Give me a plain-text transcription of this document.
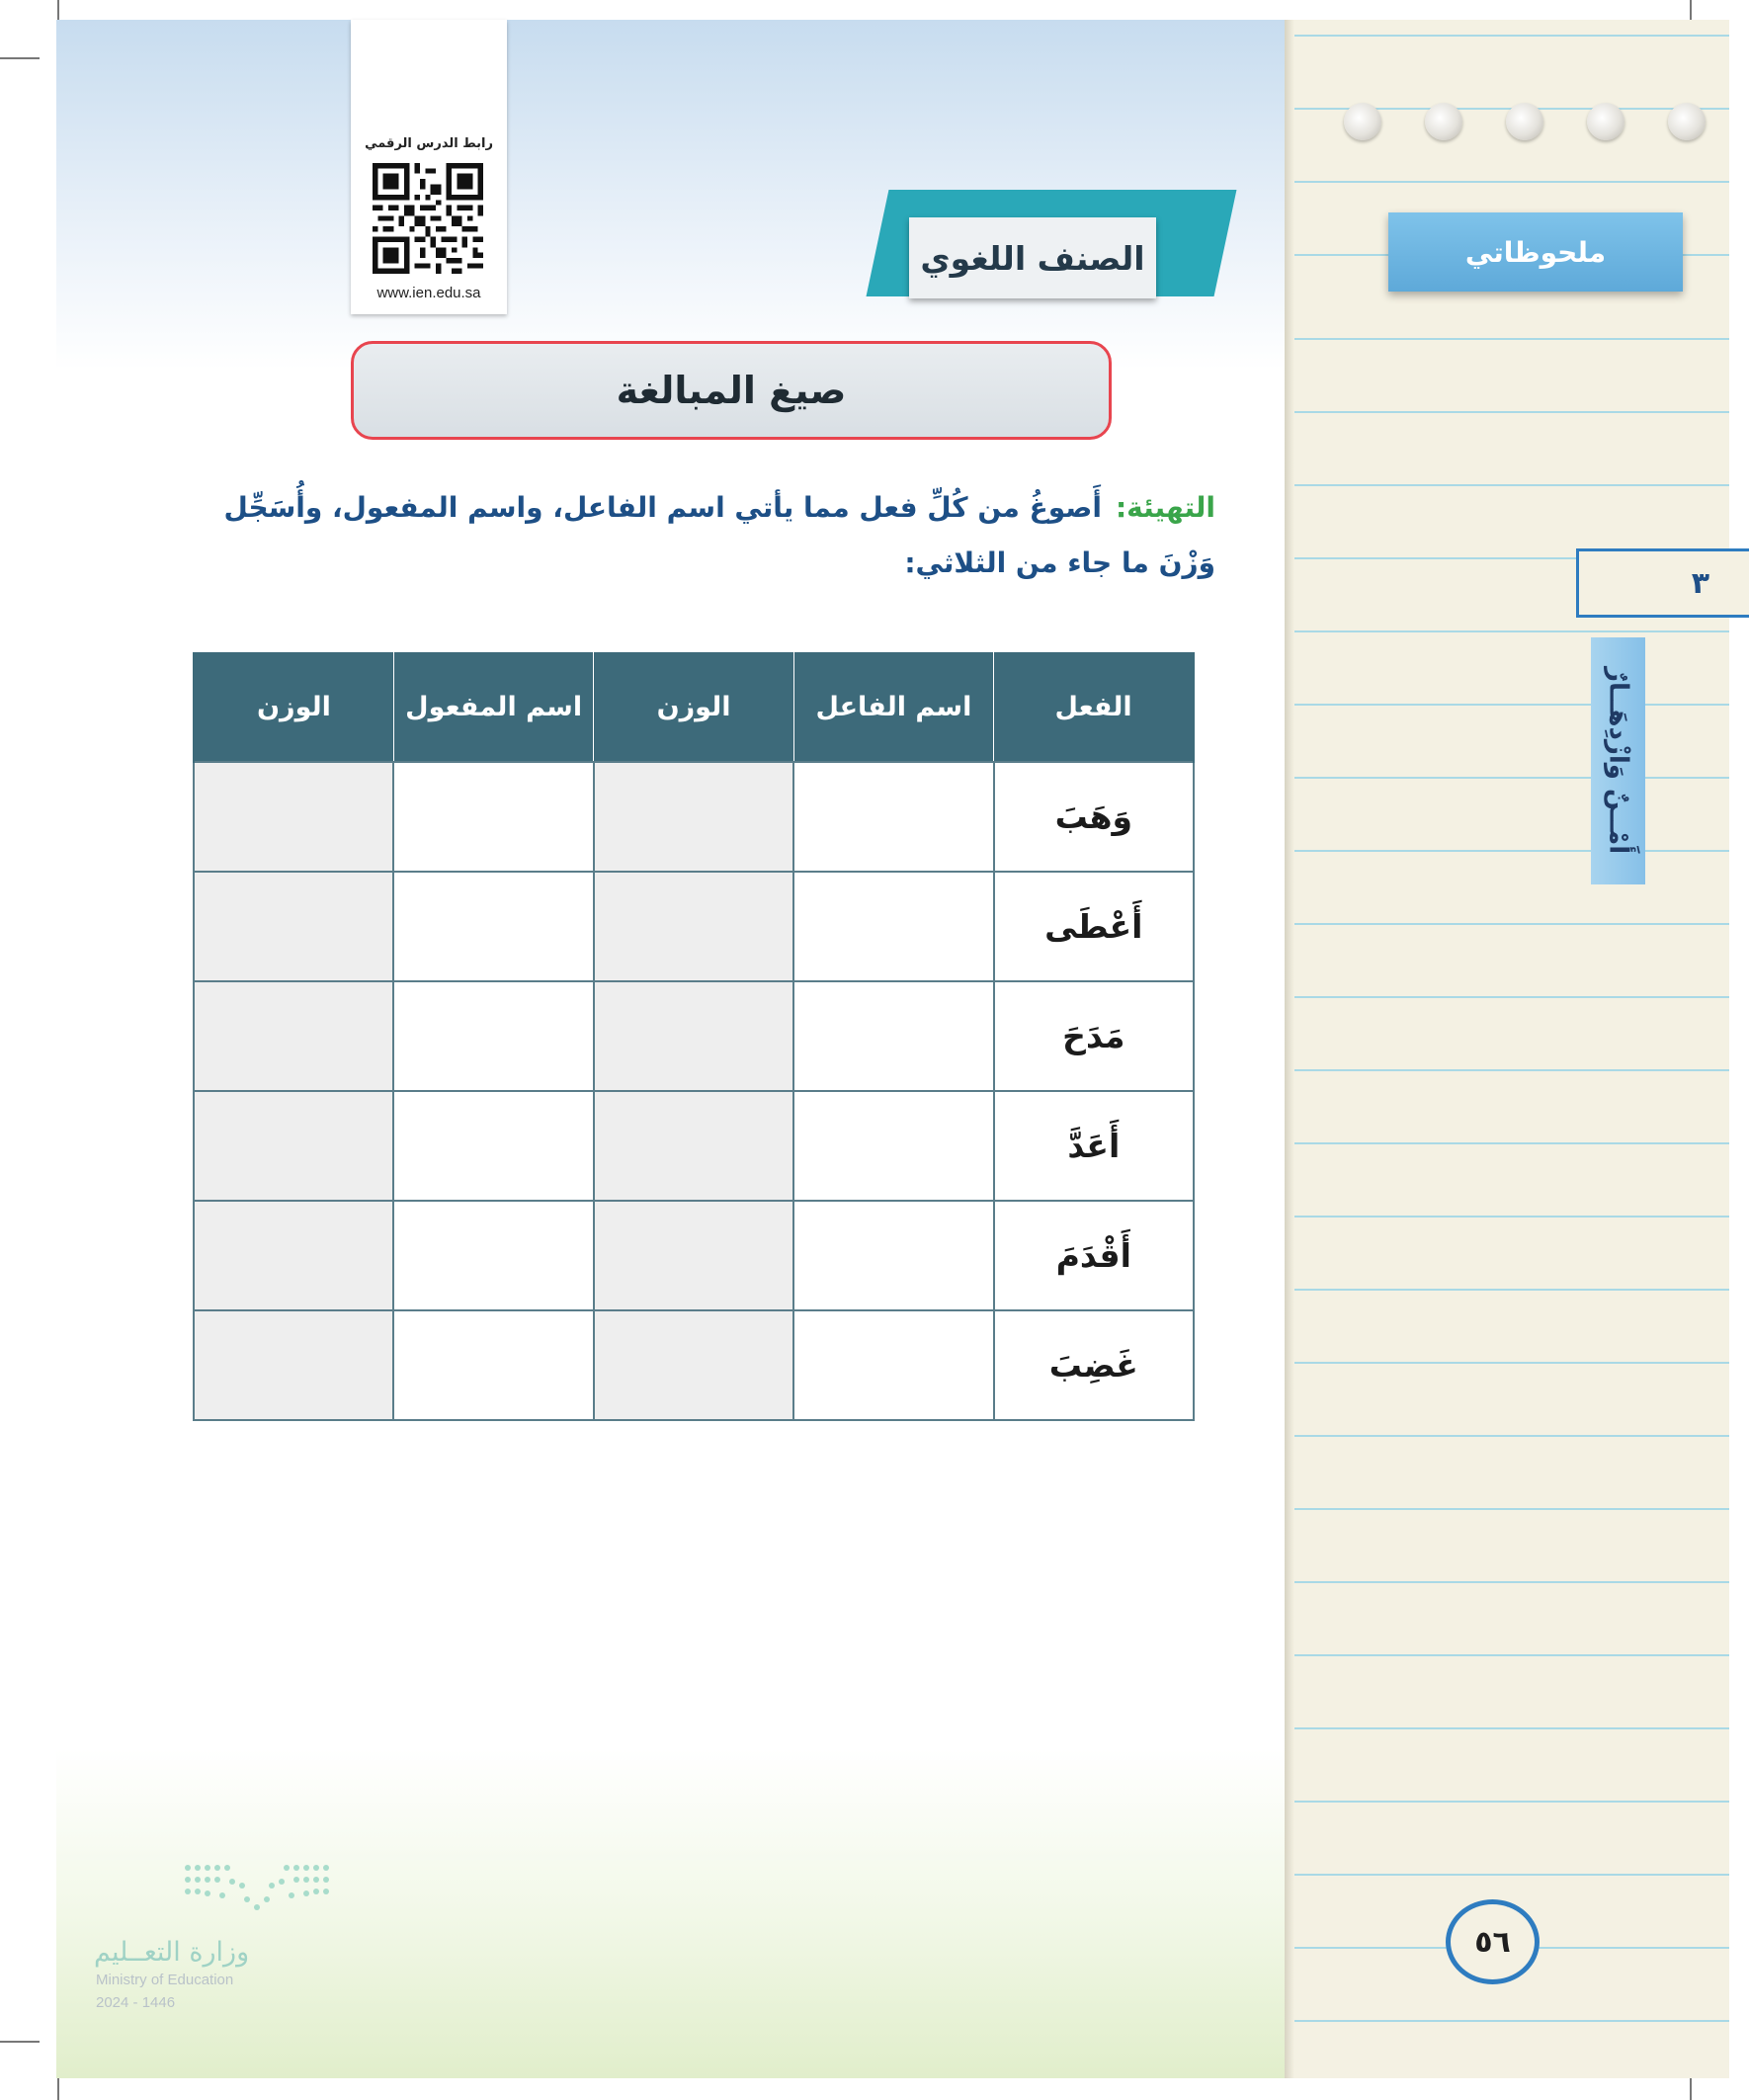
ملحوظاتي
٣
أَمْــنٌ وَازْدِهَــارٌ
٥٦
رابط الدرس الرقمي
www.ien.edu.sa
الصنف اللغوي
صيغ المبالغة
التهيئة:أَصوغُ من كُلِّ فعل مما يأتي اسم الفاعل، واسم المفعول، وأُسَجِّل وَزْنَ ما جاء من الثلاثي:
الفعل	اسم الفاعل	الوزن	اسم المفعول	الوزن
وَهَبَ				
أَعْطَى				
مَدَحَ				
أَعَدَّ				
أَقْدَمَ				
غَضِبَ				
وزارة التعــليم
Ministry of Education
2024 - 1446
